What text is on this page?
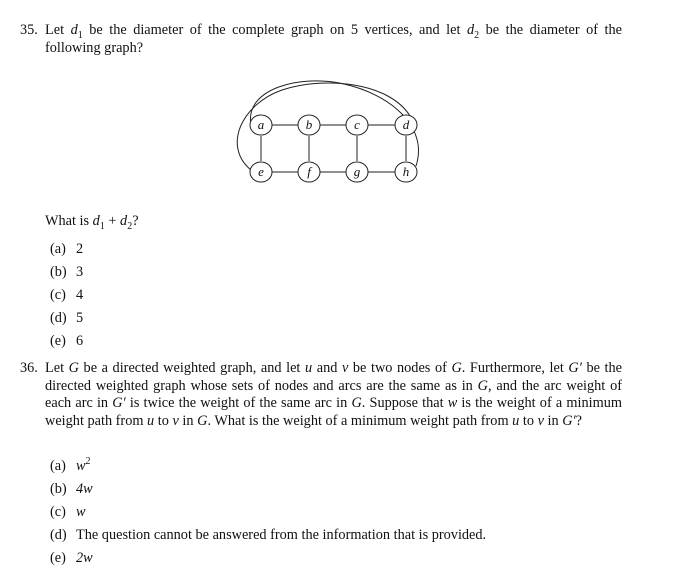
35. Let $d_1$ be the diameter of the complete graph on 5 vertices, and let $d_2$ be the diameter of the following graph?
a	b	c	d
e	f	g	h
What is $d_1 + d_2$?
(a) 2
(b) 3
(c) 4
(d) 5
(e) 6
36. Let G be a directed weighted graph, and let u and v be two nodes of G. Furthermore, let G′ be the directed weighted graph whose sets of nodes and arcs are the same as in G, and the arc weight of each arc in G′ is twice the weight of the same arc in G. Suppose that w is the weight of a minimum weight path from u to v in G. What is the weight of a minimum weight path from u to v in G′?
(a) $w^2$
(b) 4w
(c) w
(d) The question cannot be answered from the information that is provided.
(e) 2w
